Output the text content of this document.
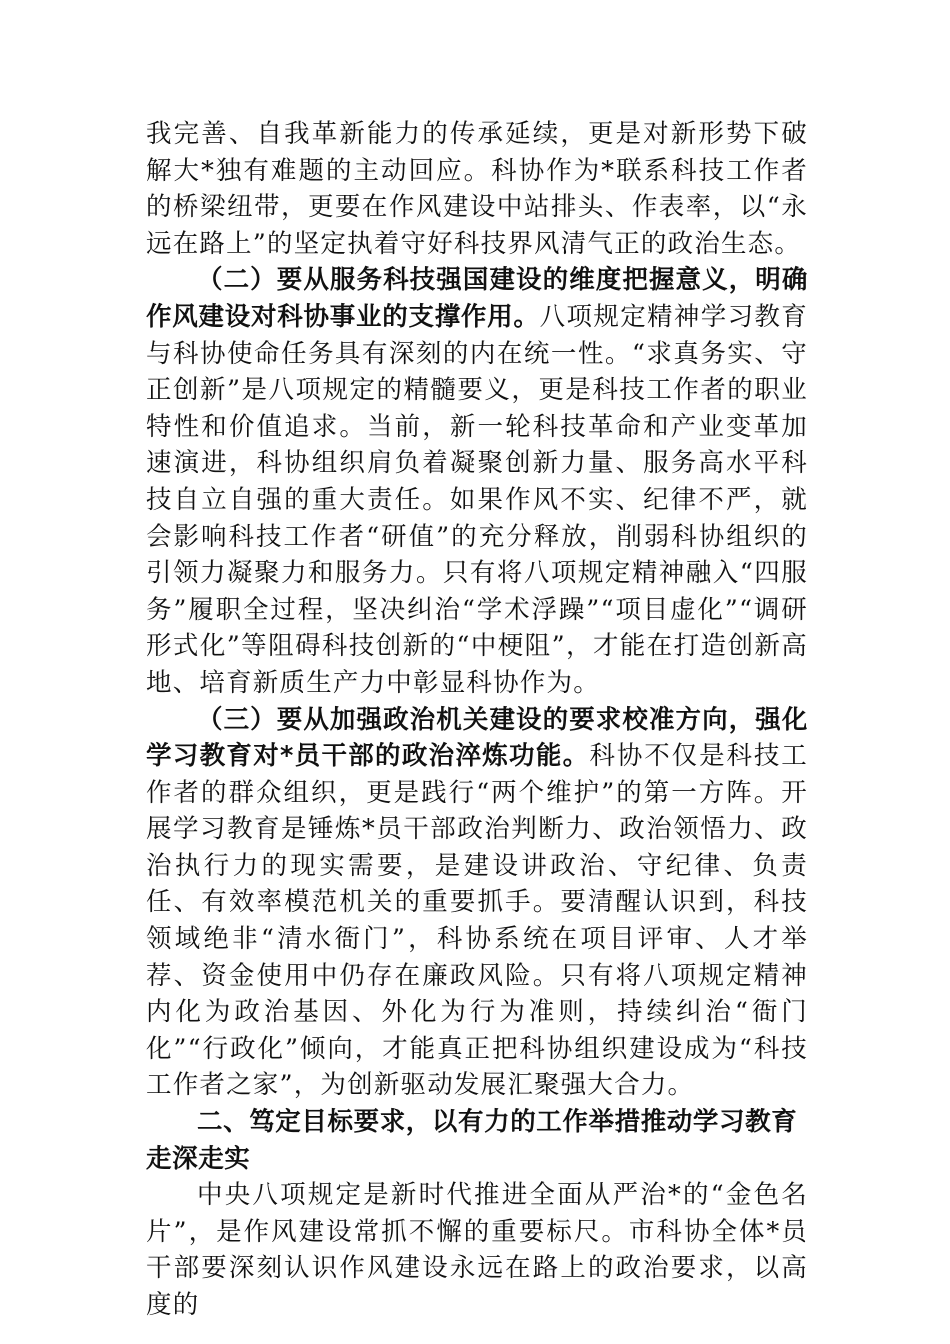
我完善、自我革新能力的传承延续，更是对新形势下破解大*独有难题的主动回应。科协作为*联系科技工作者的桥梁纽带，更要在作风建设中站排头、作表率，以“永远在路上”的坚定执着守好科技界风清气正的政治生态。

（二）要从服务科技强国建设的维度把握意义，明确作风建设对科协事业的支撑作用。八项规定精神学习教育与科协使命任务具有深刻的内在统一性。“求真务实、守正创新”是八项规定的精髓要义，更是科技工作者的职业特性和价值追求。当前，新一轮科技革命和产业变革加速演进，科协组织肩负着凝聚创新力量、服务高水平科技自立自强的重大责任。如果作风不实、纪律不严，就会影响科技工作者“研值”的充分释放，削弱科协组织的引领力凝聚力和服务力。只有将八项规定精神融入“四服务”履职全过程，坚决纠治“学术浮躁”“项目虚化”“调研形式化”等阻碍科技创新的“中梗阻”，才能在打造创新高地、培育新质生产力中彰显科协作为。

（三）要从加强政治机关建设的要求校准方向，强化学习教育对*员干部的政治淬炼功能。科协不仅是科技工作者的群众组织，更是践行“两个维护”的第一方阵。开展学习教育是锤炼*员干部政治判断力、政治领悟力、政治执行力的现实需要，是建设讲政治、守纪律、负责任、有效率模范机关的重要抓手。要清醒认识到，科技领域绝非“清水衙门”，科协系统在项目评审、人才举荐、资金使用中仍存在廉政风险。只有将八项规定精神内化为政治基因、外化为行为准则，持续纠治“衙门化”“行政化”倾向，才能真正把科协组织建设成为“科技工作者之家”，为创新驱动发展汇聚强大合力。

二、笃定目标要求，以有力的工作举措推动学习教育走深走实

中央八项规定是新时代推进全面从严治*的“金色名片”，是作风建设常抓不懈的重要标尺。市科协全体*员干部要深刻认识作风建设永远在路上的政治要求，以高度的
